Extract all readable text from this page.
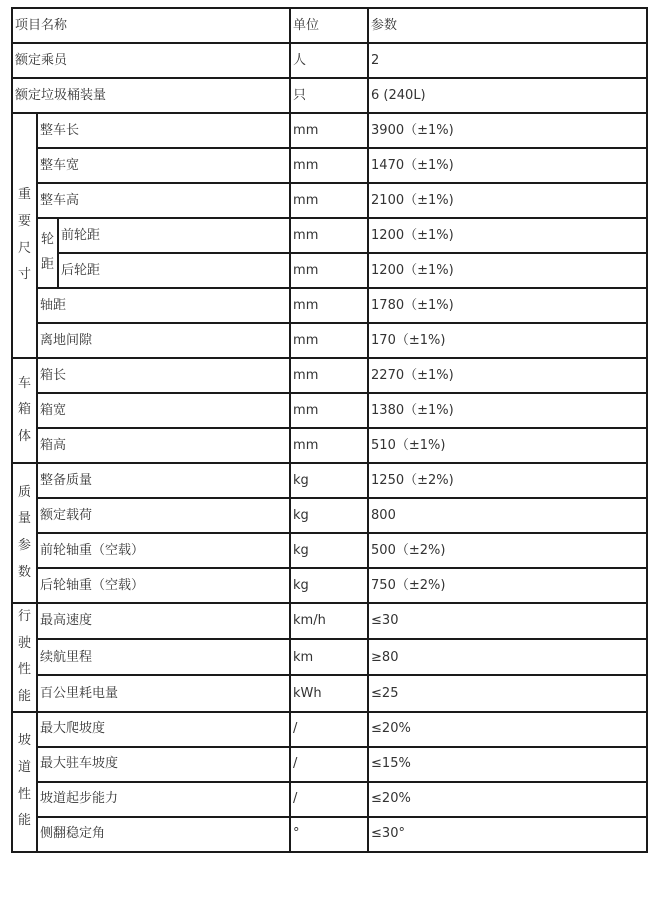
项目名称			单位	参数
额定乘员			人	2
额定垃圾桶装量			只	6 (240L)

重要尺寸	整车长		mm	3900（±1%)
	整车宽		mm	1470（±1%)
	整车高		mm	2100（±1%)

	轮距	前轮距	mm	1200（±1%)
		后轮距	mm	1200（±1%)
	轴距		mm	1780（±1%)
	离地间隙		mm	170（±1%)

车箱体	箱长		mm	2270（±1%)
	箱宽		mm	1380（±1%)
	箱高		mm	510（±1%)

质量参数	整备质量		kg	1250（±2%)
	额定载荷		kg	800
	前轮轴重（空载）		kg	500（±2%)
	后轮轴重（空载）		kg	750（±2%)

行驶性能	最高速度		km/h	≤30
	续航里程		km	≥80
	百公里耗电量		kWh	≤25

坡道性能	最大爬坡度		/	≤20%
	最大驻车坡度		/	≤15%
	坡道起步能力		/	≤20%
	侧翻稳定角		°	≤30°
